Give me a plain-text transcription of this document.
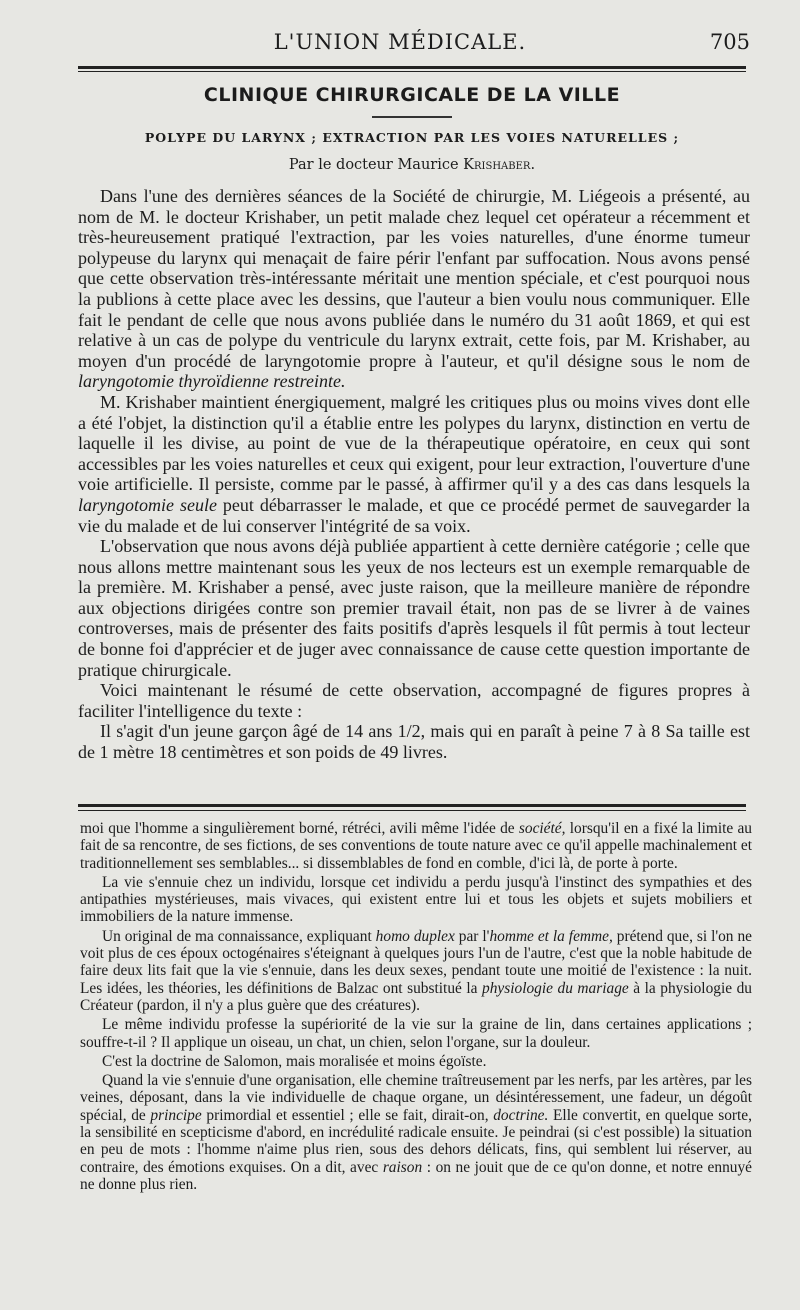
L'UNION MÉDICALE.	705
CLINIQUE CHIRURGICALE DE LA VILLE
POLYPE DU LARYNX ; EXTRACTION PAR LES VOIES NATURELLES ;
Par le docteur Maurice Krishaber.

Dans l'une des dernières séances de la Société de chirurgie, M. Liégeois a présenté, au nom de M. le docteur Krishaber, un petit malade chez lequel cet opérateur a récemment et très-heureusement pratiqué l'extraction, par les voies naturelles, d'une énorme tumeur polypeuse du larynx qui menaçait de faire périr l'enfant par suffocation. Nous avons pensé que cette observation très-intéressante méritait une mention spéciale, et c'est pourquoi nous la publions à cette place avec les dessins, que l'auteur a bien voulu nous communiquer. Elle fait le pendant de celle que nous avons publiée dans le numéro du 31 août 1869, et qui est relative à un cas de polype du ventricule du larynx extrait, cette fois, par M. Krishaber, au moyen d'un procédé de laryngotomie propre à l'auteur, et qu'il désigne sous le nom de laryngotomie thyroïdienne restreinte.

M. Krishaber maintient énergiquement, malgré les critiques plus ou moins vives dont elle a été l'objet, la distinction qu'il a établie entre les polypes du larynx, distinction en vertu de laquelle il les divise, au point de vue de la thérapeutique opératoire, en ceux qui sont accessibles par les voies naturelles et ceux qui exigent, pour leur extraction, l'ouverture d'une voie artificielle. Il persiste, comme par le passé, à affirmer qu'il y a des cas dans lesquels la laryngotomie seule peut débarrasser le malade, et que ce procédé permet de sauvegarder la vie du malade et de lui conserver l'intégrité de sa voix.

L'observation que nous avons déjà publiée appartient à cette dernière catégorie ; celle que nous allons mettre maintenant sous les yeux de nos lecteurs est un exemple remarquable de la première. M. Krishaber a pensé, avec juste raison, que la meilleure manière de répondre aux objections dirigées contre son premier travail était, non pas de se livrer à de vaines controverses, mais de présenter des faits positifs d'après lesquels il fût permis à tout lecteur de bonne foi d'apprécier et de juger avec connaissance de cause cette question importante de pratique chirurgicale.

Voici maintenant le résumé de cette observation, accompagné de figures propres à faciliter l'intelligence du texte :

Il s'agit d'un jeune garçon âgé de 14 ans 1/2, mais qui en paraît à peine 7 à 8 Sa taille est de 1 mètre 18 centimètres et son poids de 49 livres.

moi que l'homme a singulièrement borné, rétréci, avili même l'idée de société, lorsqu'il en a fixé la limite au fait de sa rencontre, de ses fictions, de ses conventions de toute nature avec ce qu'il appelle machinalement et traditionnellement ses semblables... si dissemblables de fond en comble, d'ici là, de porte à porte.

La vie s'ennuie chez un individu, lorsque cet individu a perdu jusqu'à l'instinct des sympathies et des antipathies mystérieuses, mais vivaces, qui existent entre lui et tous les objets et sujets mobiliers et immobiliers de la nature immense.

Un original de ma connaissance, expliquant homo duplex par l'homme et la femme, prétend que, si l'on ne voit plus de ces époux octogénaires s'éteignant à quelques jours l'un de l'autre, c'est que la noble habitude de faire deux lits fait que la vie s'ennuie, dans les deux sexes, pendant toute une moitié de l'existence : la nuit. Les idées, les théories, les définitions de Balzac ont substitué la physiologie du mariage à la physiologie du Créateur (pardon, il n'y a plus guère que des créatures).

Le même individu professe la supériorité de la vie sur la graine de lin, dans certaines applications ; souffre-t-il ? Il applique un oiseau, un chat, un chien, selon l'organe, sur la douleur.

C'est la doctrine de Salomon, mais moralisée et moins égoïste.

Quand la vie s'ennuie d'une organisation, elle chemine traîtreusement par les nerfs, par les artères, par les veines, déposant, dans la vie individuelle de chaque organe, un désintéressement, une fadeur, un dégoût spécial, de principe primordial et essentiel ; elle se fait, dirait-on, doctrine. Elle convertit, en quelque sorte, la sensibilité en scepticisme d'abord, en incrédulité radicale ensuite. Je peindrai (si c'est possible) la situation en peu de mots : l'homme n'aime plus rien, sous des dehors délicats, fins, qui semblent lui réserver, au contraire, des émotions exquises. On a dit, avec raison : on ne jouit que de ce qu'on donne, et notre ennuyé ne donne plus rien.
